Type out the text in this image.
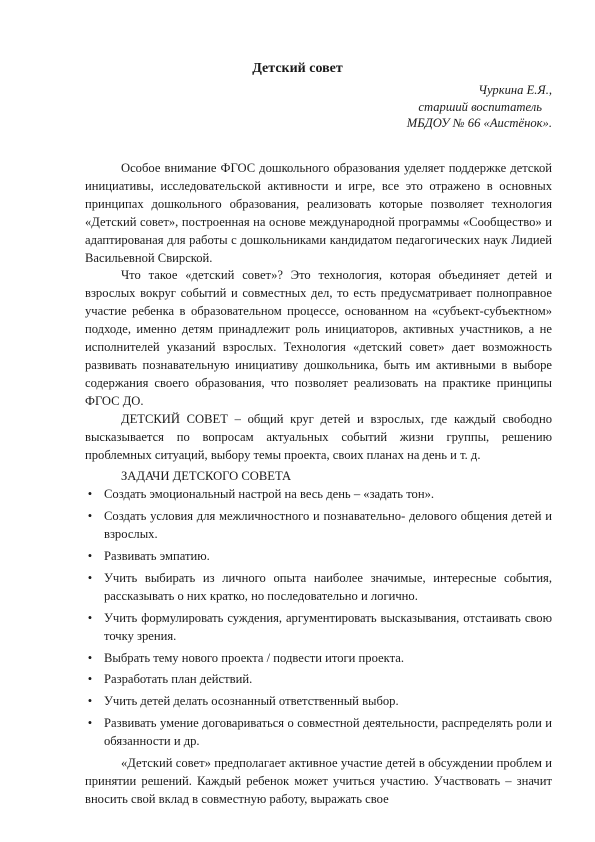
Детский совет
Чуркина Е.Я.,
старший воспитатель
МБДОУ № 66 «Аистёнок».

Особое внимание ФГОС дошкольного образования уделяет поддержке детской инициативы, исследовательской активности и игре, все это отражено в основных принципах дошкольного образования, реализовать которые позволяет технология «Детский совет», построенная на основе международной программы «Сообщество» и адаптированая для работы с дошкольниками кандидатом педагогических наук Лидией Васильевной Свирской.

Что такое «детский совет»? Это технология, которая объединяет детей и взрослых вокруг событий и совместных дел, то есть предусматривает полноправное участие ребенка в образовательном процессе, основанном на «субъект-субъектном» подходе, именно детям принадлежит роль инициаторов, активных участников, а не исполнителей указаний взрослых. Технология «детский совет» дает возможность развивать познавательную инициативу дошкольника, быть им активными в выборе содержания своего образования, что позволяет реализовать на практике принципы ФГОС ДО.

ДЕТСКИЙ СОВЕТ – общий круг детей и взрослых, где каждый свободно высказывается по вопросам актуальных событий жизни группы, решению проблемных ситуаций, выбору темы проекта, своих планах на день и т. д.

ЗАДАЧИ ДЕТСКОГО СОВЕТА
• Создать эмоциональный настрой на весь день – «задать тон».
• Создать условия для межличностного и познавательно- делового общения детей и взрослых.
• Развивать эмпатию.
• Учить выбирать из личного опыта наиболее значимые, интересные события, рассказывать о них кратко, но последовательно и логично.
• Учить формулировать суждения, аргументировать высказывания, отстаивать свою точку зрения.
• Выбрать тему нового проекта / подвести итоги проекта.
• Разработать план действий.
• Учить детей делать осознанный ответственный выбор.
• Развивать умение договариваться о совместной деятельности, распределять роли и обязанности и др.

«Детский совет» предполагает активное участие детей в обсуждении проблем и принятии решений. Каждый ребенок может учиться участию. Участвовать – значит вносить свой вклад в совместную работу, выражать свое
